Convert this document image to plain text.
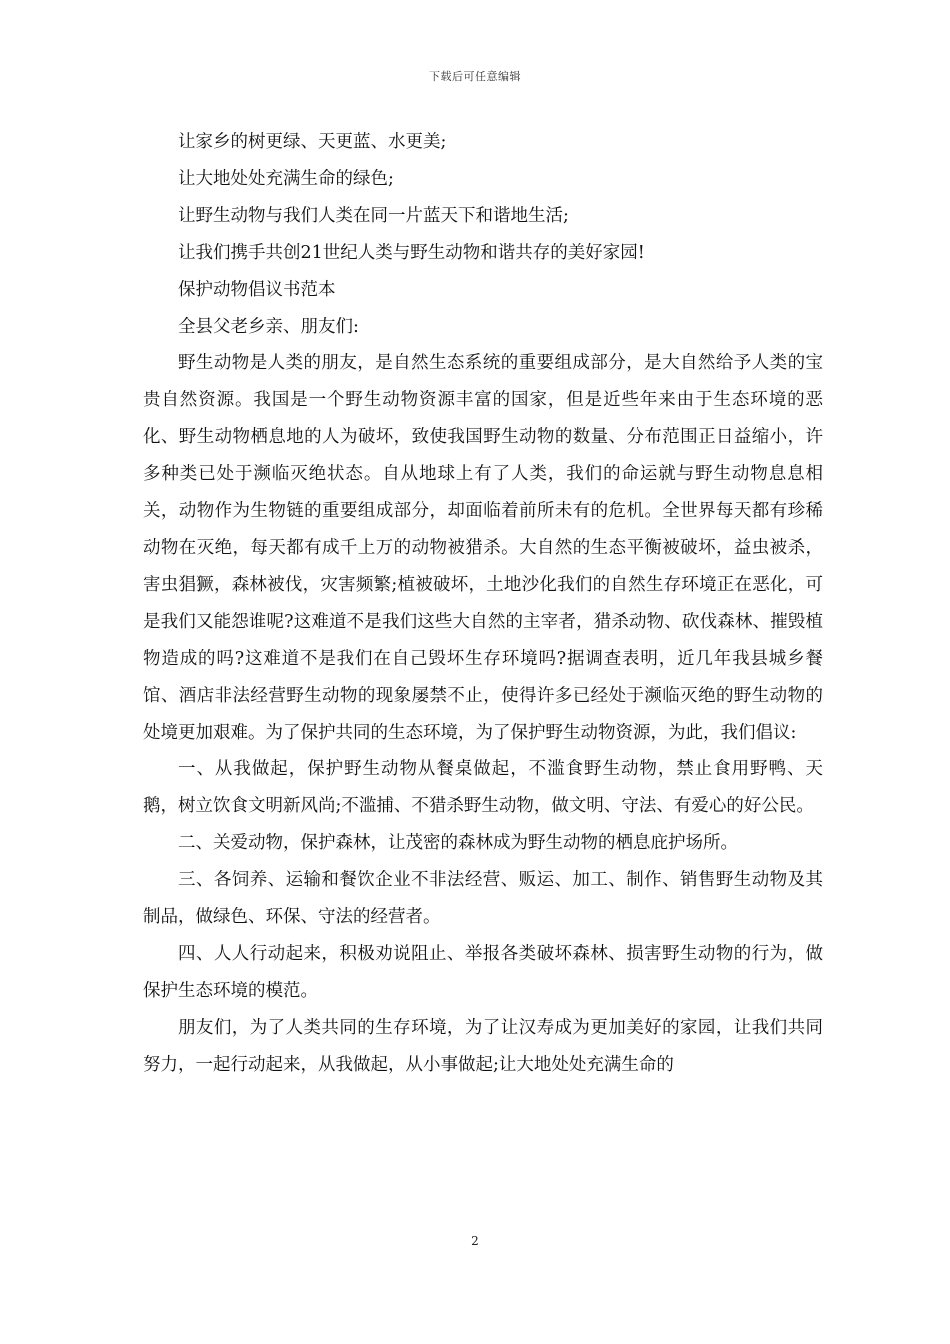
下载后可任意编辑

让家乡的树更绿、天更蓝、水更美;

让大地处处充满生命的绿色;

让野生动物与我们人类在同一片蓝天下和谐地生活;

让我们携手共创21世纪人类与野生动物和谐共存的美好家园!

保护动物倡议书范本

全县父老乡亲、朋友们:

野生动物是人类的朋友，是自然生态系统的重要组成部分，是大自然给予人类的宝贵自然资源。我国是一个野生动物资源丰富的国家，但是近些年来由于生态环境的恶化、野生动物栖息地的人为破坏，致使我国野生动物的数量、分布范围正日益缩小，许多种类已处于濒临灭绝状态。自从地球上有了人类，我们的命运就与野生动物息息相关，动物作为生物链的重要组成部分，却面临着前所未有的危机。全世界每天都有珍稀动物在灭绝，每天都有成千上万的动物被猎杀。大自然的生态平衡被破坏，益虫被杀，害虫猖獗，森林被伐，灾害频繁;植被破坏，土地沙化我们的自然生存环境正在恶化，可是我们又能怨谁呢?这难道不是我们这些大自然的主宰者，猎杀动物、砍伐森林、摧毁植物造成的吗?这难道不是我们在自己毁坏生存环境吗?据调查表明，近几年我县城乡餐馆、酒店非法经营野生动物的现象屡禁不止，使得许多已经处于濒临灭绝的野生动物的处境更加艰难。为了保护共同的生态环境，为了保护野生动物资源，为此，我们倡议:

一、从我做起，保护野生动物从餐桌做起，不滥食野生动物，禁止食用野鸭、天鹅，树立饮食文明新风尚;不滥捕、不猎杀野生动物，做文明、守法、有爱心的好公民。

二、关爱动物，保护森林，让茂密的森林成为野生动物的栖息庇护场所。

三、各饲养、运输和餐饮企业不非法经营、贩运、加工、制作、销售野生动物及其制品，做绿色、环保、守法的经营者。

四、人人行动起来，积极劝说阻止、举报各类破坏森林、损害野生动物的行为，做保护生态环境的模范。

朋友们，为了人类共同的生存环境，为了让汉寿成为更加美好的家园，让我们共同努力，一起行动起来，从我做起，从小事做起;让大地处处充满生命的

2
